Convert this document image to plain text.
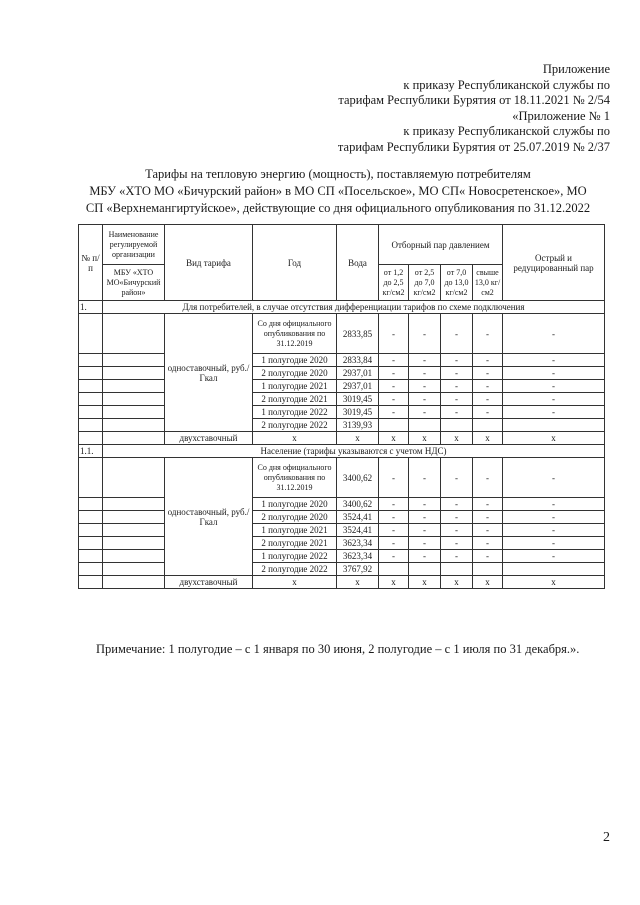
Приложение
к приказу Республиканской службы по
тарифам Республики Бурятия от 18.11.2021 № 2/54
«Приложение № 1
к приказу Республиканской службы по
тарифам Республики Бурятия от 25.07.2019 № 2/37
Тарифы на тепловую энергию (мощность), поставляемую потребителям
МБУ «ХТО МО «Бичурский район» в МО СП «Посельское», МО СП« Новосретенское», МО
СП «Верхнемангиртуйское», действующие со дня официального опубликования по 31.12.2022
№ п/п	Наименование регулируемой организации	Вид тарифа	Год	Вода	Отборный пар давлением				Острый и редуцированный пар
	МБУ «ХТО МО«Бичурский район»				от 1,2 до 2,5 кг/см2	от 2,5 до 7,0 кг/см2	от 7,0 до 13,0 кг/см2	свыше 13,0 кг/см2	
1.	Для потребителей, в случае отсутствия дифференциации тарифов по схеме подключения								
		одноставочный, руб./Гкал	Со дня официального опубликования по 31.12.2019	2833,85	-	-	-	-	-
			1 полугодие 2020	2833,84	-	-	-	-	-
			2 полугодие 2020	2937,01	-	-	-	-	-
			1 полугодие 2021	2937,01	-	-	-	-	-
			2 полугодие 2021	3019,45	-	-	-	-	-
			1 полугодие 2022	3019,45	-	-	-	-	-
			2 полугодие 2022	3139,93					
		двухставочный	х	х	х	х	х	х	х
1.1.	Население (тарифы указываются с учетом НДС)								
		одноставочный, руб./Гкал	Со дня официального опубликования по 31.12.2019	3400,62	-	-	-	-	-
			1 полугодие 2020	3400,62	-	-	-	-	-
			2 полугодие 2020	3524,41	-	-	-	-	-
			1 полугодие 2021	3524,41	-	-	-	-	-
			2 полугодие 2021	3623,34	-	-	-	-	-
			1 полугодие 2022	3623,34	-	-	-	-	-
			2 полугодие 2022	3767,92					
		двухставочный	х	х	х	х	х	х	х
Примечание: 1 полугодие – с 1 января по 30 июня, 2 полугодие – с 1 июля по 31 декабря.».
2
